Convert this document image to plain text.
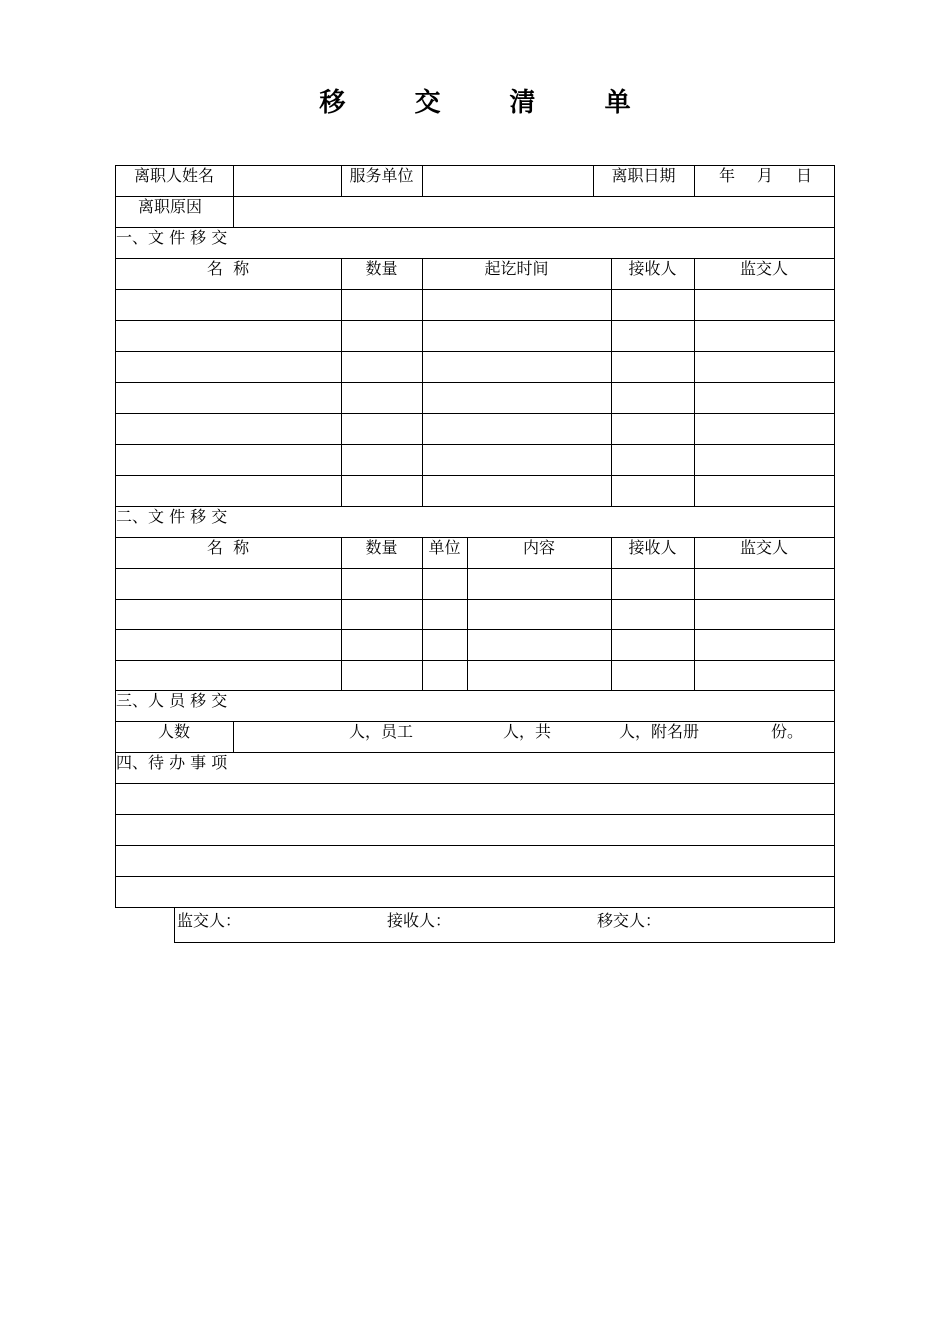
移 交 清 单
离职人姓名	服务单位	离职日期	年 月 日
离职原因
一、文 件 移 交
名  称	数量	起讫时间	接收人	监交人
二、文 件 移 交
名  称	数量	单位	内容	接收人	监交人
三、人 员 移 交
人数	人，员工	人，共	人，附名册	份。
四、待 办 事 项
监交人：	接收人：	移交人：
